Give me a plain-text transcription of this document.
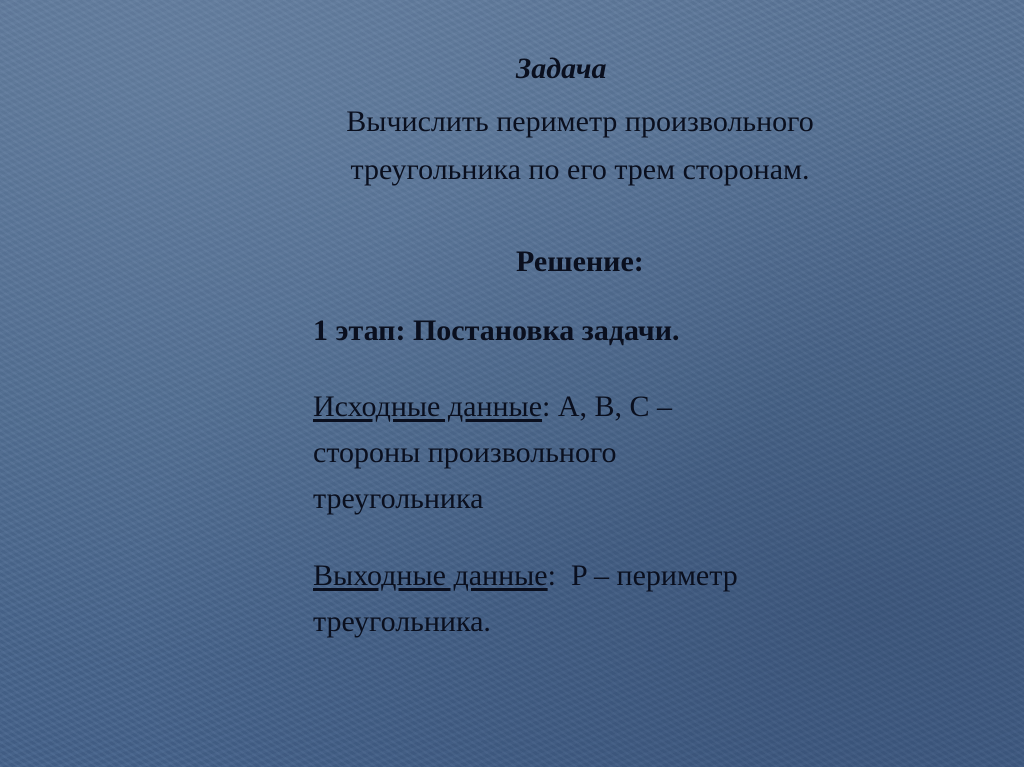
Задача
Вычислить периметр произвольного
треугольника по его трем сторонам.
Решение:
1 этап: Постановка задачи.
Исходные данные: A, B, C –
стороны произвольного
треугольника
Выходные данные:  P – периметр
треугольника.
